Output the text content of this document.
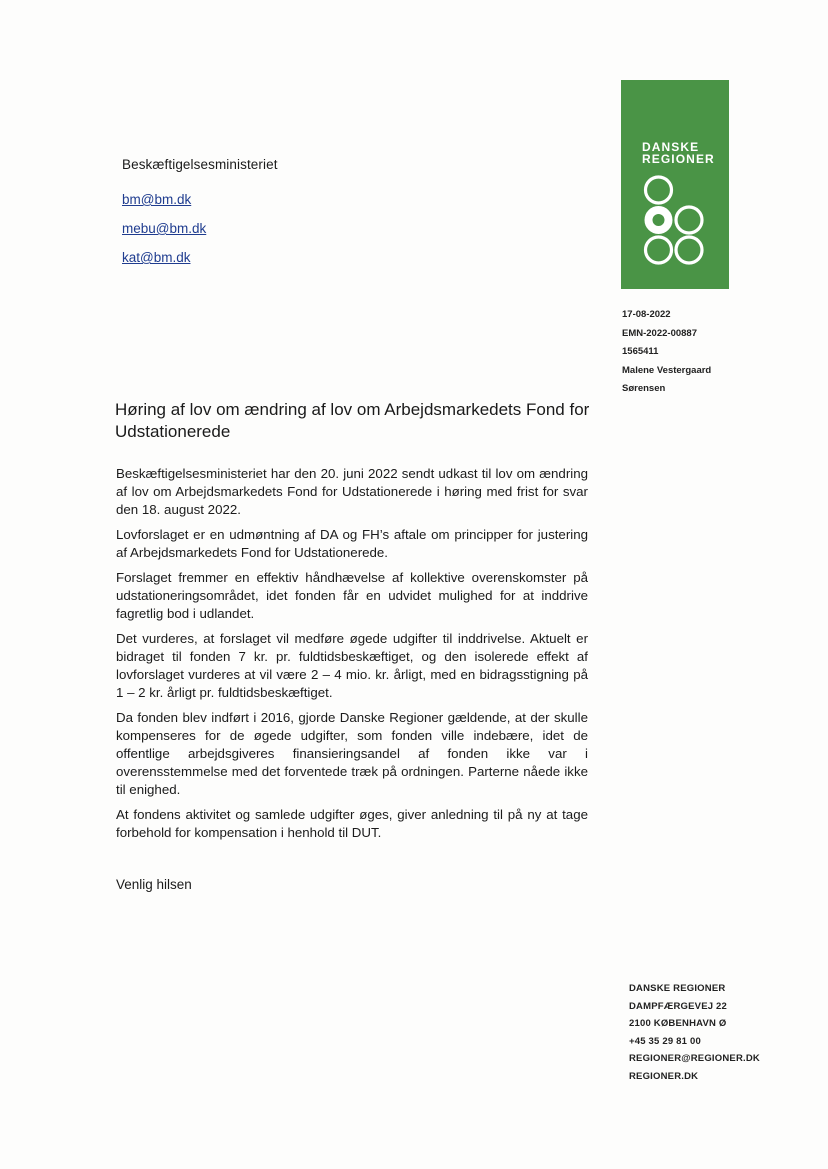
Beskæftigelsesministeriet

bm@bm.dk
mebu@bm.dk
kat@bm.dk
DANSKE
REGIONER
17-08-2022
EMN-2022-00887
1565411
Malene Vestergaard
Sørensen
Høring af lov om ændring af lov om Arbejdsmarkedets Fond for Udstationerede

Beskæftigelsesministeriet har den 20. juni 2022 sendt udkast til lov om ændring af lov om Arbejdsmarkedets Fond for Udstationerede i høring med frist for svar den 18. august 2022.

Lovforslaget er en udmøntning af DA og FH’s aftale om principper for justering af Arbejdsmarkedets Fond for Udstationerede.

Forslaget fremmer en effektiv håndhævelse af kollektive overenskomster på udstationeringsområdet, idet fonden får en udvidet mulighed for at inddrive fagretlig bod i udlandet.

Det vurderes, at forslaget vil medføre øgede udgifter til inddrivelse. Aktuelt er bidraget til fonden 7 kr. pr. fuldtidsbeskæftiget, og den isolerede effekt af lovforslaget vurderes at vil være 2 – 4 mio. kr. årligt, med en bidragsstigning på 1 – 2 kr. årligt pr. fuldtidsbeskæftiget.

Da fonden blev indført i 2016, gjorde Danske Regioner gældende, at der skulle kompenseres for de øgede udgifter, som fonden ville indebære, idet de offentlige arbejdsgiveres finansieringsandel af fonden ikke var i overensstemmelse med det forventede træk på ordningen. Parterne nåede ikke til enighed.

At fondens aktivitet og samlede udgifter øges, giver anledning til på ny at tage forbehold for kompensation i henhold til DUT.

Venlig hilsen
DANSKE REGIONER
DAMPFÆRGEVEJ 22
2100 KØBENHAVN Ø
+45 35 29 81 00
REGIONER@REGIONER.DK
REGIONER.DK
